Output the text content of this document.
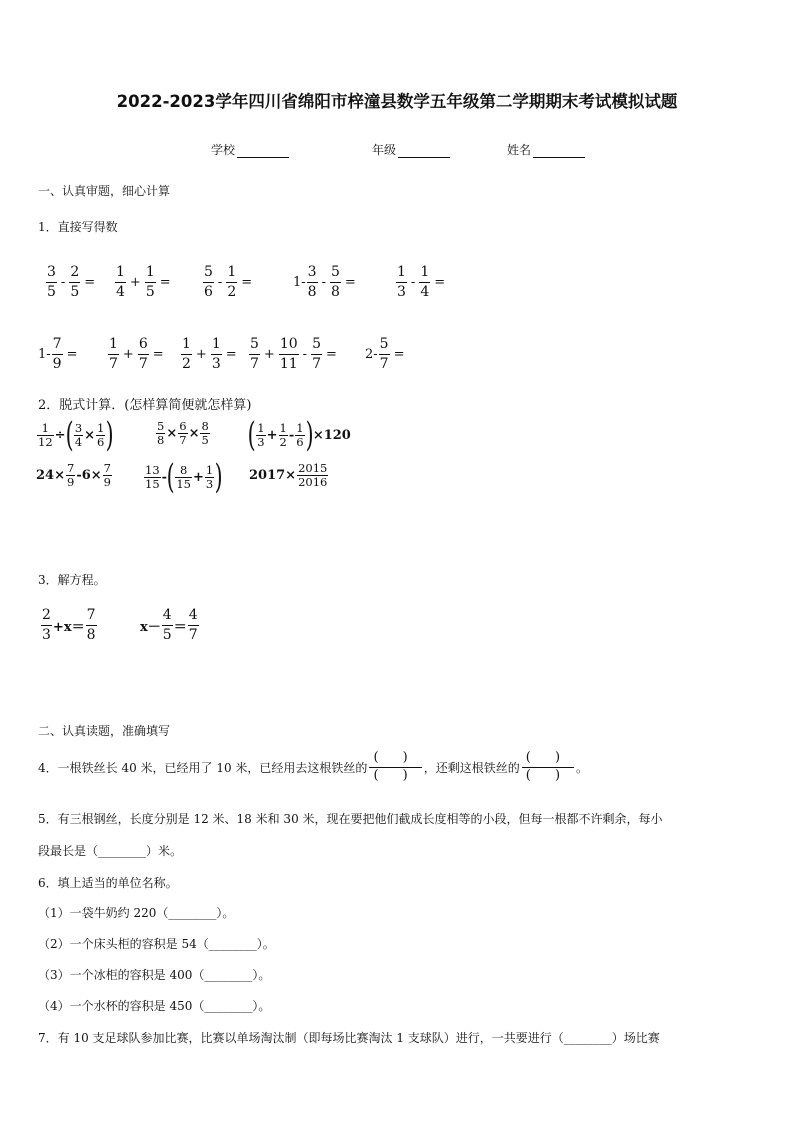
2022-2023学年四川省绵阳市梓潼县数学五年级第二学期期末考试模拟试题
学校	年级	姓名
一、认真审题，细心计算
1．直接写得数
$\frac{3}{5} - \frac{2}{5} = \frac{1}{4} + \frac{1}{5} = \frac{5}{6} - \frac{1}{2}$ =	$1- \frac{3}{8} - \frac{5}{8}$ =	$\frac{1}{3} - \frac{1}{4}$ =
$1- \frac{7}{9} = \frac{1}{7} + \frac{6}{7} = \frac{1}{2} + \frac{1}{3} = \frac{5}{7} + \frac{10}{11} - \frac{5}{7} = 2- \frac{5}{7}$ =
2．脱式计算．(怎样算简便就怎样算)
$\frac{1}{12}$ ÷ ( $\frac{3}{4} \times \frac{1}{6}$ )	$\frac{5}{8} \times \frac{6}{7} \times \frac{8}{5}$ ( $\frac{1}{3} + \frac{1}{2} - \frac{1}{6}$ ) ×120
$24\times \frac{7}{9} -6\times \frac{7}{9}$	$\frac{13}{15}$ - ( $\frac{8}{15} + \frac{1}{3}$ ) $2017\times \frac{2015}{2016}$
3．解方程。
$\frac{2}{3} +x= \frac{7}{8}$	$x- \frac{4}{5} = \frac{4}{7}$
二、认真读题，准确填写
4．一根铁丝长 40 米，已经用了 10 米，已经用去这根铁丝的
( )
( ) ，还剩这根铁丝的
( )
( ) 。
5．有三根钢丝，长度分别是 12 米、18 米和 30 米，现在要把他们截成长度相等的小段，但每一根都不许剩余，每小
段最长是（________）米。
6．填上适当的单位名称。
（1）一袋牛奶约 220（________）。
（2）一个床头柜的容积是 54（________）。
（3）一个冰柜的容积是 400（________）。
（4）一个水杯的容积是 450（________）。
7．有 10 支足球队参加比赛，比赛以单场淘汰制（即每场比赛淘汰 1 支球队）进行，一共要进行（________）场比赛
